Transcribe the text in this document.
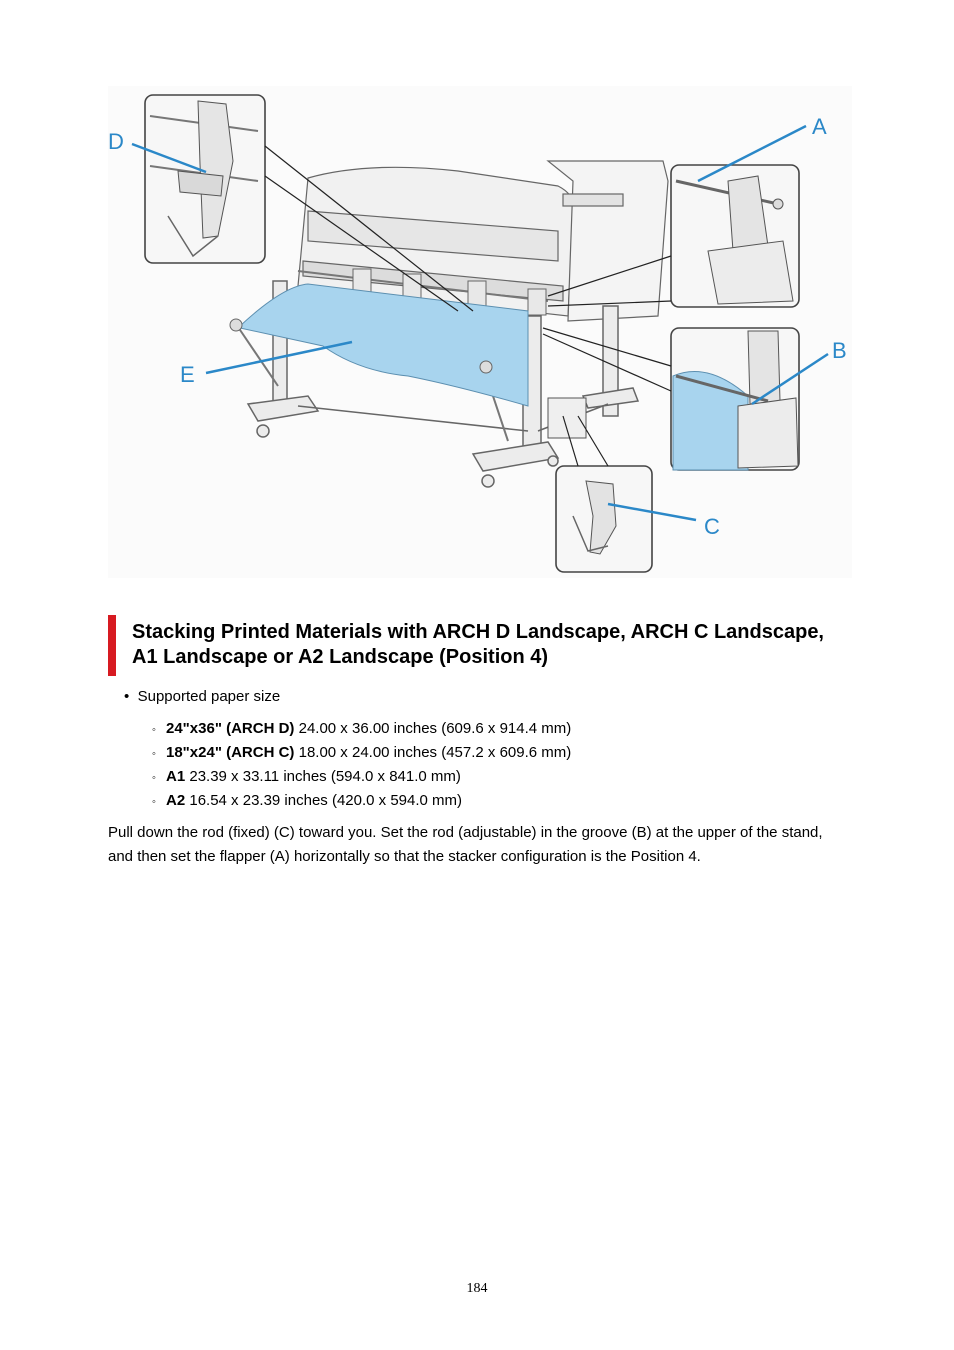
D
A
B
C
E
Stacking Printed Materials with ARCH D Landscape, ARCH C Landscape, A1 Landscape or A2 Landscape (Position 4)
• Supported paper size
◦ 24"x36" (ARCH D) 24.00 x 36.00 inches (609.6 x 914.4 mm)
◦ 18"x24" (ARCH C) 18.00 x 24.00 inches (457.2 x 609.6 mm)
◦ A1 23.39 x 33.11 inches (594.0 x 841.0 mm)
◦ A2 16.54 x 23.39 inches (420.0 x 594.0 mm)

Pull down the rod (fixed) (C) toward you. Set the rod (adjustable) in the groove (B) at the upper of the stand, and then set the flapper (A) horizontally so that the stacker configuration is the Position 4.

184
